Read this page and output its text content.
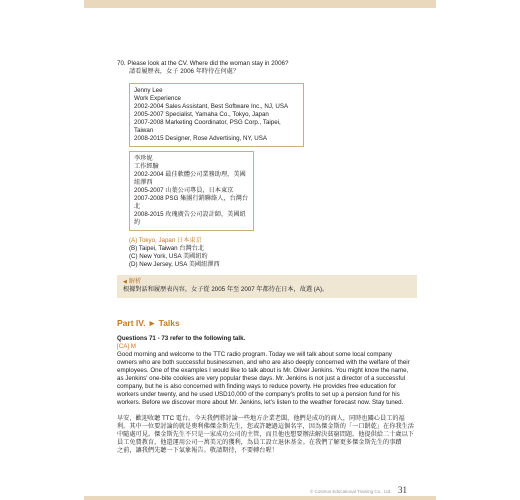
70. Please look at the CV. Where did the woman stay in 2006?

請看履歷表，女子 2006 年時待在何處？

Jenny Lee
Work Experience
2002-2004 Sales Assistant, Best Software Inc., NJ, USA
2005-2007 Specialist, Yamaha Co., Tokyo, Japan
2007-2008 Marketing Coordinator, PSG Corp., Taipei, Taiwan
2008-2015 Designer, Rose Advertising, NY, USA
李珍妮
工作經驗
2002-2004 最佳軟體公司業務助理，美國紐澤西
2005-2007 山葉公司專員，日本東京
2007-2008 PSG 集團行銷聯絡人，台灣台北
2008-2015 玫瑰廣告公司設計師，美國紐約
(A) Tokyo, Japan 日本東京
(B) Taipei, Taiwan 台灣台北
(C) New York, USA 美國紐約
(D) New Jersey, USA 美國紐澤西
◀ 解析
根據對話和履歷表內容，女子從 2005 年至 2007 年都待在日本，故選 (A)。
Part IV. ► Talks
Questions 71 - 73 refer to the following talk.
[CA] M
Good morning and welcome to the TTC radio program. Today we will talk about some local company
owners who are both successful businessmen, and who are also deeply concerned with the welfare of their
employees. One of the examples I would like to talk about is Mr. Oliver Jenkins. You might know the name,
as Jenkins' one-bite cookies are very popular these days. Mr. Jenkins is not just a director of a successful
company, but he is also concerned with finding ways to reduce poverty. He provides free education for
workers under twenty, and he used USD10,000 of the company's profits to set up a pension fund for his
workers. Before we discover more about Mr. Jenkins, let's listen to the weather forecast now. Stay tuned.
早安，歡迎收聽 TTC 電台。今天我們將討論一些地方企業老闆，他們是成功的商人，同時也關心員工的福
利。其中一位要討論的就是奧利佛傑金斯先生，您或許聽過這個名字，因為傑金斯的「一口餅乾」在你我生活
中隨處可見。傑金斯先生不只是一家成功公司的主管，而且他也想要辦法解決貧窮問題。他提供給二十歲以下
員工免費教育，他還運用公司一萬美元的獲利，為員工設立退休基金。在我們了解更多傑金斯先生的事蹟
之前，讓我們先聽一下氣象報告。敬請期待，不要轉台喔！
© Cosmos Educational Training Co., Ltd. 31
